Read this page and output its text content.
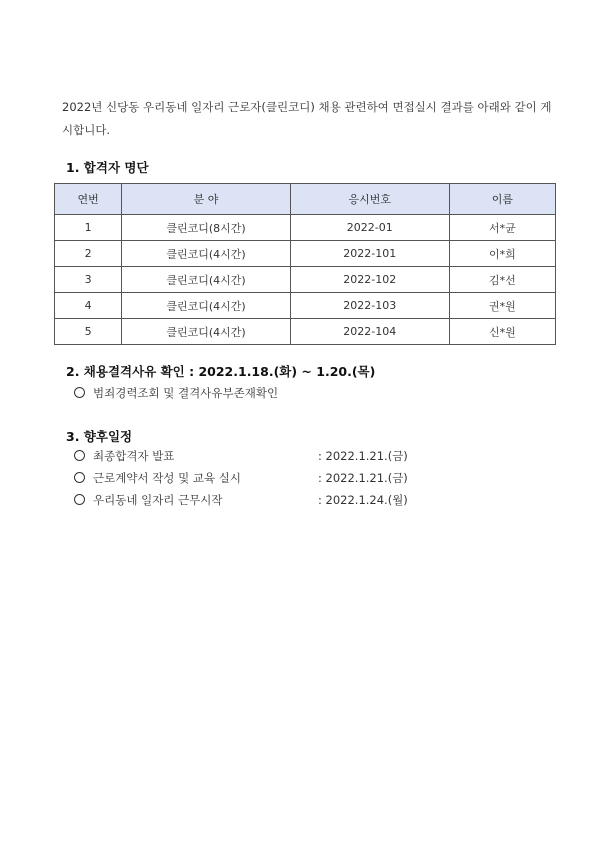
2022년 신당동 우리동네 일자리 근로자(클린코디) 채용 관련하여 면접실시 결과를 아래와 같이 게시합니다.
1. 합격자 명단
연번	분 야	응시번호	이름
1	클린코디(8시간)	2022-01	서*균
2	클린코디(4시간)	2022-101	이*희
3	클린코디(4시간)	2022-102	김*선
4	클린코디(4시간)	2022-103	권*원
5	클린코디(4시간)	2022-104	신*원
2. 채용결격사유 확인 : 2022.1.18.(화) ~ 1.20.(목)
범죄경력조회 및 결격사유부존재확인
3. 향후일정
최종합격자 발표	: 2022.1.21.(금)
근로계약서 작성 및 교육 실시	: 2022.1.21.(금)
우리동네 일자리 근무시작	: 2022.1.24.(월)
